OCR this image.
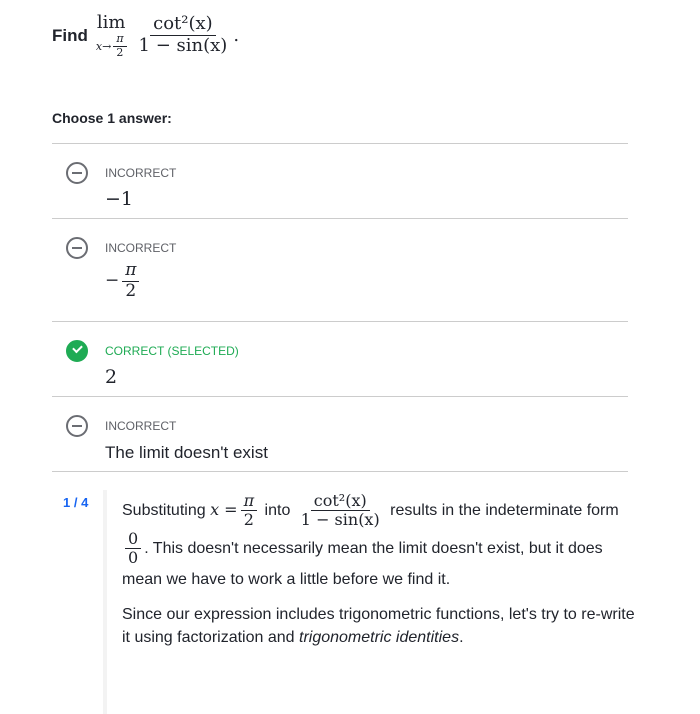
Find
lim
$x\to \frac{\pi}{2} \frac{\text{cot²(x)}}{1 - \sin(x)}$ .
Choose 1 answer:
INCORRECT
−1
INCORRECT
− $\frac{\pi}{2}$
CORRECT (SELECTED)
2
INCORRECT
The limit doesn't exist
1 / 4 Substituting $x = \frac{\pi}{2}$ into $\frac{\text{cot²(x)}}{1 - \sin(x)}$ results in the indeterminate form
$\frac{0}{0}$ . This doesn't necessarily mean the limit doesn't exist, but it does mean we have to work a little before we find it.

Since our expression includes trigonometric functions, let's try to re-write it using factorization and trigonometric identities.
